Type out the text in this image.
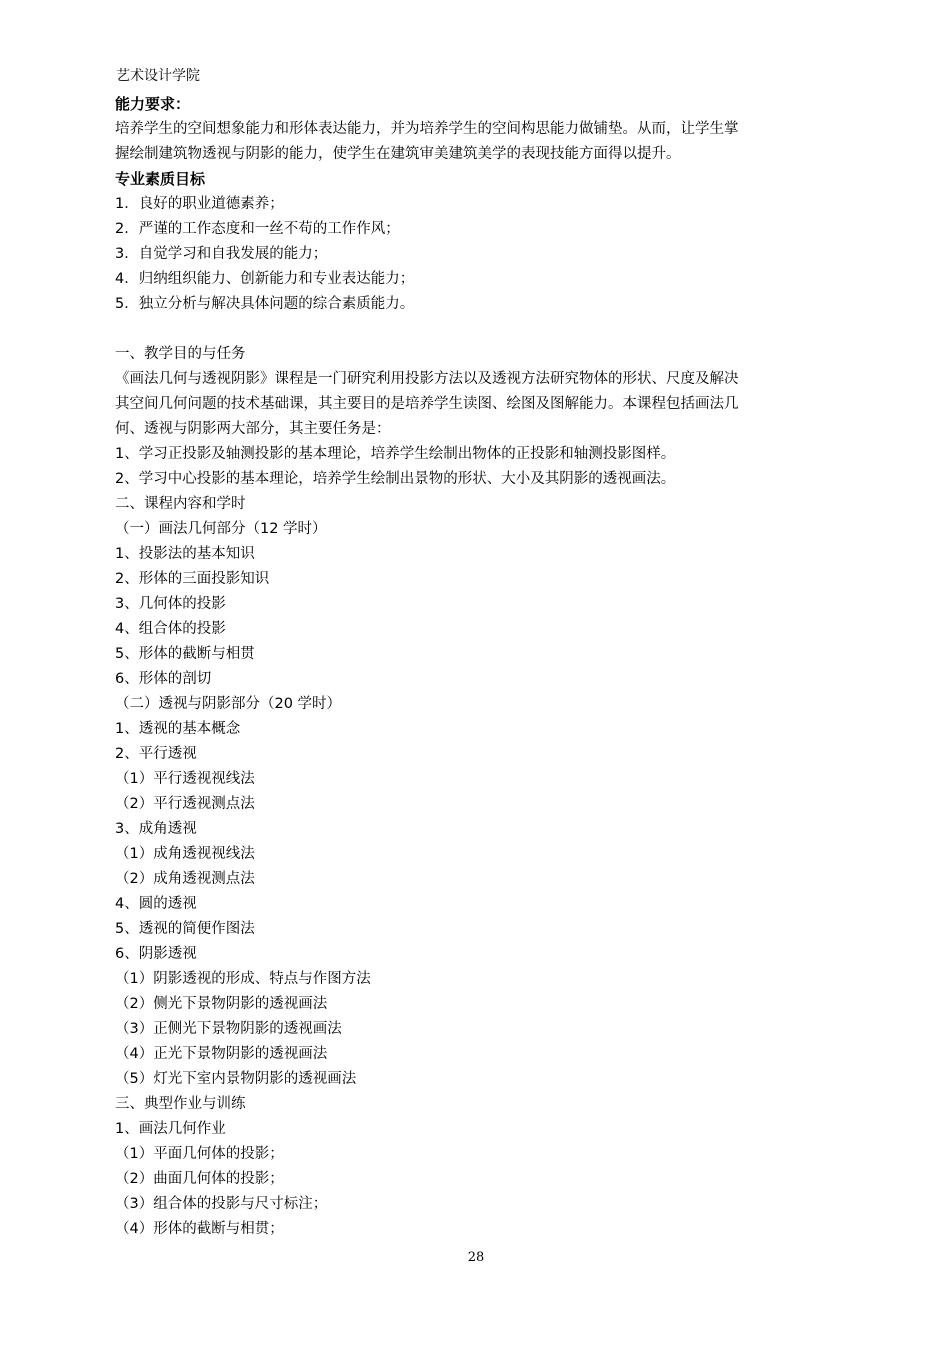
艺术设计学院
能力要求：
培养学生的空间想象能力和形体表达能力，并为培养学生的空间构思能力做铺垫。从而，让学生掌
握绘制建筑物透视与阴影的能力，使学生在建筑审美建筑美学的表现技能方面得以提升。
专业素质目标
1．良好的职业道德素养；
2．严谨的工作态度和一丝不苟的工作作风；
3．自觉学习和自我发展的能力；
4．归纳组织能力、创新能力和专业表达能力；
5．独立分析与解决具体问题的综合素质能力。
一、教学目的与任务
《画法几何与透视阴影》课程是一门研究利用投影方法以及透视方法研究物体的形状、尺度及解决
其空间几何问题的技术基础课，其主要目的是培养学生读图、绘图及图解能力。本课程包括画法几
何、透视与阴影两大部分，其主要任务是：
1、学习正投影及轴测投影的基本理论，培养学生绘制出物体的正投影和轴测投影图样。
2、学习中心投影的基本理论，培养学生绘制出景物的形状、大小及其阴影的透视画法。
二、课程内容和学时
（一）画法几何部分（12 学时）
1、投影法的基本知识
2、形体的三面投影知识
3、几何体的投影
4、组合体的投影
5、形体的截断与相贯
6、形体的剖切
（二）透视与阴影部分（20 学时）
1、透视的基本概念
2、平行透视
（1）平行透视视线法
（2）平行透视测点法
3、成角透视
（1）成角透视视线法
（2）成角透视测点法
4、圆的透视
5、透视的简便作图法
6、阴影透视
（1）阴影透视的形成、特点与作图方法
（2）侧光下景物阴影的透视画法
（3）正侧光下景物阴影的透视画法
（4）正光下景物阴影的透视画法
（5）灯光下室内景物阴影的透视画法
三、典型作业与训练
1、画法几何作业
（1）平面几何体的投影；
（2）曲面几何体的投影；
（3）组合体的投影与尺寸标注；
（4）形体的截断与相贯；
28
